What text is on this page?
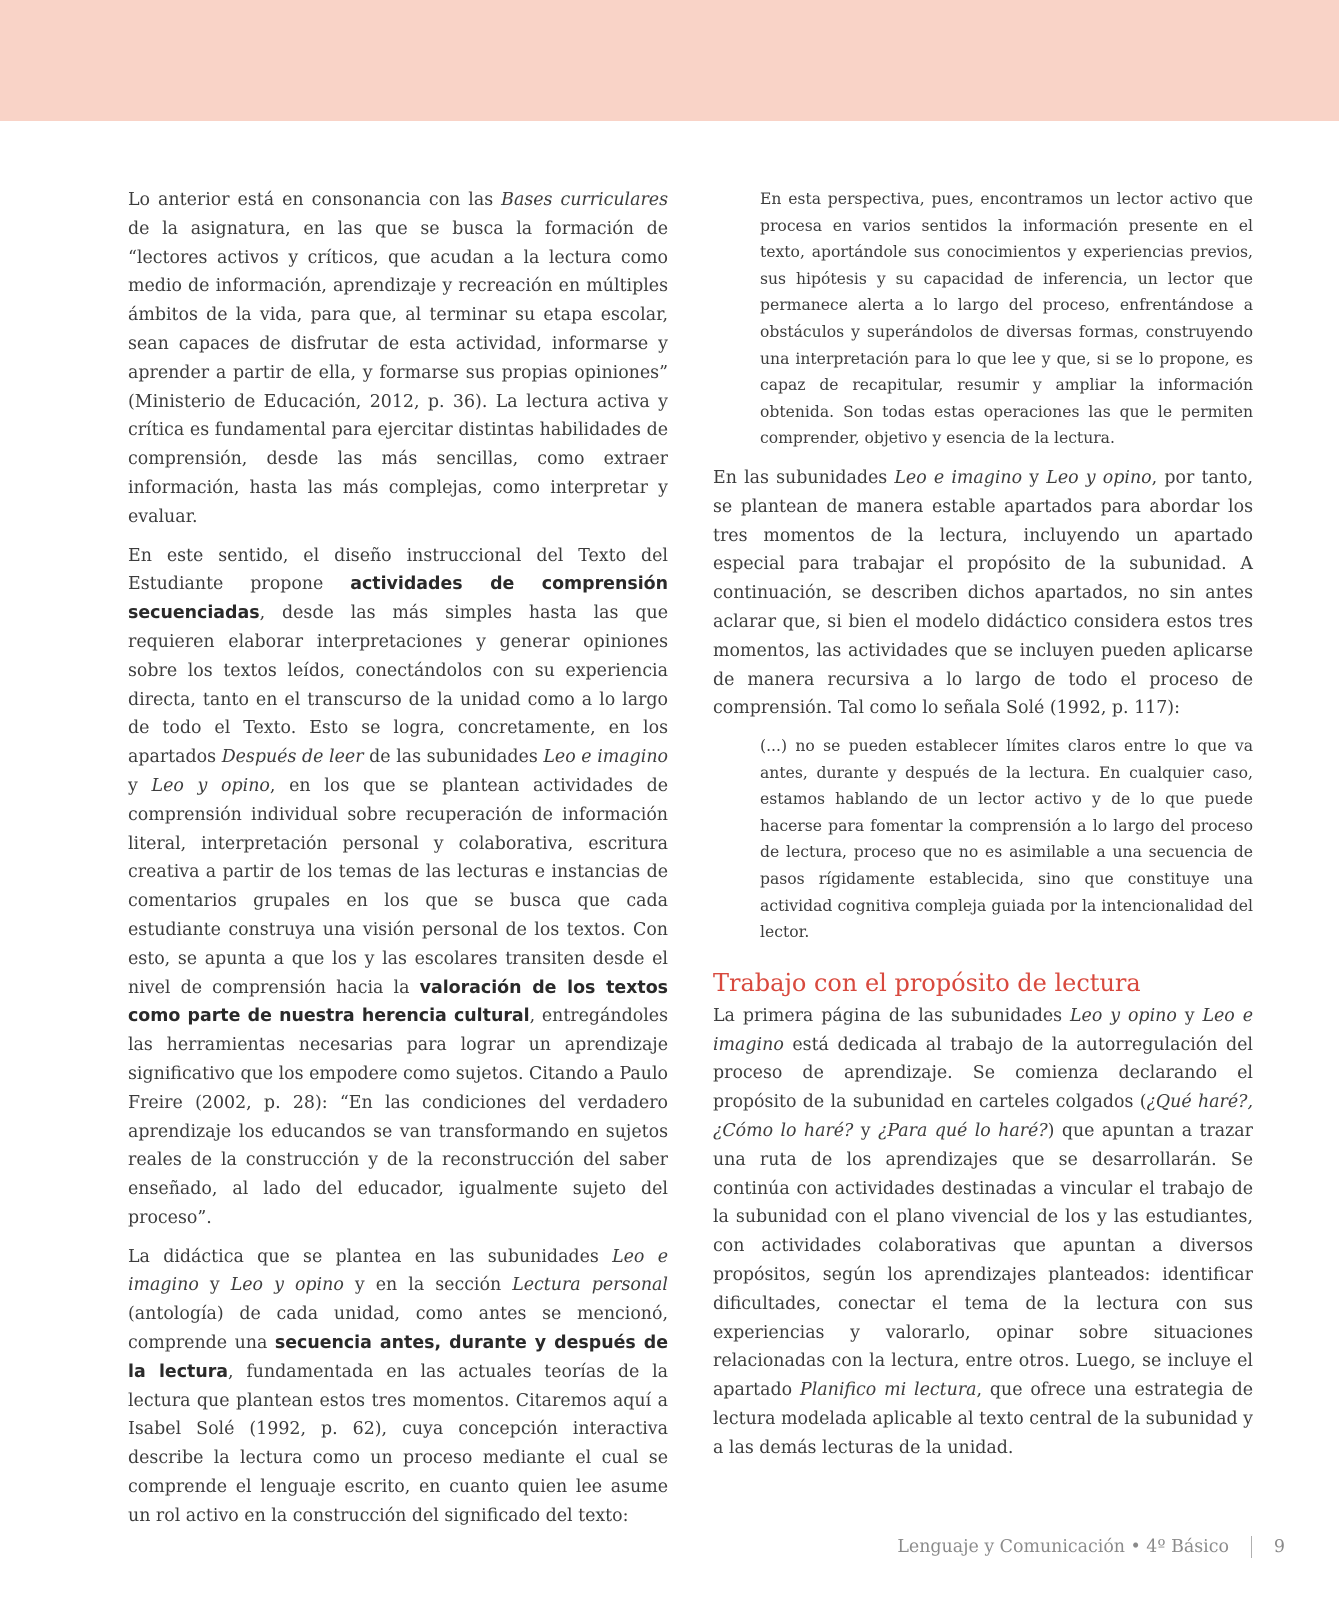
Lo anterior está en consonancia con las Bases curriculares de la asignatura, en las que se busca la formación de “lectores activos y críticos, que acudan a la lectura como medio de información, aprendizaje y recreación en múltiples ámbitos de la vida, para que, al terminar su etapa escolar, sean capaces de disfrutar de esta actividad, informarse y aprender a partir de ella, y formarse sus propias opiniones” (Ministerio de Educación, 2012, p. 36). La lectura activa y crítica es fundamental para ejercitar distintas habilidades de comprensión, desde las más sencillas, como extraer información, hasta las más complejas, como interpretar y evaluar.

En este sentido, el diseño instruccional del Texto del Estudiante propone actividades de comprensión secuenciadas, desde las más simples hasta las que requieren elaborar interpretaciones y generar opiniones sobre los textos leídos, conectándolos con su experiencia directa, tanto en el transcurso de la unidad como a lo largo de todo el Texto. Esto se logra, concretamente, en los apartados Después de leer de las subunidades Leo e imagino y Leo y opino, en los que se plantean actividades de comprensión individual sobre recuperación de información literal, interpretación personal y colaborativa, escritura creativa a partir de los temas de las lecturas e instancias de comentarios grupales en los que se busca que cada estudiante construya una visión personal de los textos. Con esto, se apunta a que los y las escolares transiten desde el nivel de comprensión hacia la valoración de los textos como parte de nuestra herencia cultural, entregándoles las herramientas necesarias para lograr un aprendizaje significativo que los empodere como sujetos. Citando a Paulo Freire (2002, p. 28): “En las condiciones del verdadero aprendizaje los educandos se van transformando en sujetos reales de la construcción y de la reconstrucción del saber enseñado, al lado del educador, igualmente sujeto del proceso”.

La didáctica que se plantea en las subunidades Leo e imagino y Leo y opino y en la sección Lectura personal (antología) de cada unidad, como antes se mencionó, comprende una secuencia antes, durante y después de la lectura, fundamentada en las actuales teorías de la lectura que plantean estos tres momentos. Citaremos aquí a Isabel Solé (1992, p. 62), cuya concepción interactiva describe la lectura como un proceso mediante el cual se comprende el lenguaje escrito, en cuanto quien lee asume un rol activo en la construcción del significado del texto:

En esta perspectiva, pues, encontramos un lector activo que procesa en varios sentidos la información presente en el texto, aportándole sus conocimientos y experiencias previos, sus hipótesis y su capacidad de inferencia, un lector que permanece alerta a lo largo del proceso, enfrentándose a obstáculos y superándolos de diversas formas, construyendo una interpretación para lo que lee y que, si se lo propone, es capaz de recapitular, resumir y ampliar la información obtenida. Son todas estas operaciones las que le permiten comprender, objetivo y esencia de la lectura.

En las subunidades Leo e imagino y Leo y opino, por tanto, se plantean de manera estable apartados para abordar los tres momentos de la lectura, incluyendo un apartado especial para trabajar el propósito de la subunidad. A continuación, se describen dichos apartados, no sin antes aclarar que, si bien el modelo didáctico considera estos tres momentos, las actividades que se incluyen pueden aplicarse de manera recursiva a lo largo de todo el proceso de comprensión. Tal como lo señala Solé (1992, p. 117):

(...) no se pueden establecer límites claros entre lo que va antes, durante y después de la lectura. En cualquier caso, estamos hablando de un lector activo y de lo que puede hacerse para fomentar la comprensión a lo largo del proceso de lectura, proceso que no es asimilable a una secuencia de pasos rígidamente establecida, sino que constituye una actividad cognitiva compleja guiada por la intencionalidad del lector.

Trabajo con el propósito de lectura

La primera página de las subunidades Leo y opino y Leo e imagino está dedicada al trabajo de la autorregulación del proceso de aprendizaje. Se comienza declarando el propósito de la subunidad en carteles colgados (¿Qué haré?, ¿Cómo lo haré? y ¿Para qué lo haré?) que apuntan a trazar una ruta de los aprendizajes que se desarrollarán. Se continúa con actividades destinadas a vincular el trabajo de la subunidad con el plano vivencial de los y las estudiantes, con actividades colaborativas que apuntan a diversos propósitos, según los aprendizajes planteados: identificar dificultades, conectar el tema de la lectura con sus experiencias y valorarlo, opinar sobre situaciones relacionadas con la lectura, entre otros. Luego, se incluye el apartado Planifico mi lectura, que ofrece una estrategia de lectura modelada aplicable al texto central de la subunidad y a las demás lecturas de la unidad.

Lenguaje y Comunicación • 4º Básico	9
